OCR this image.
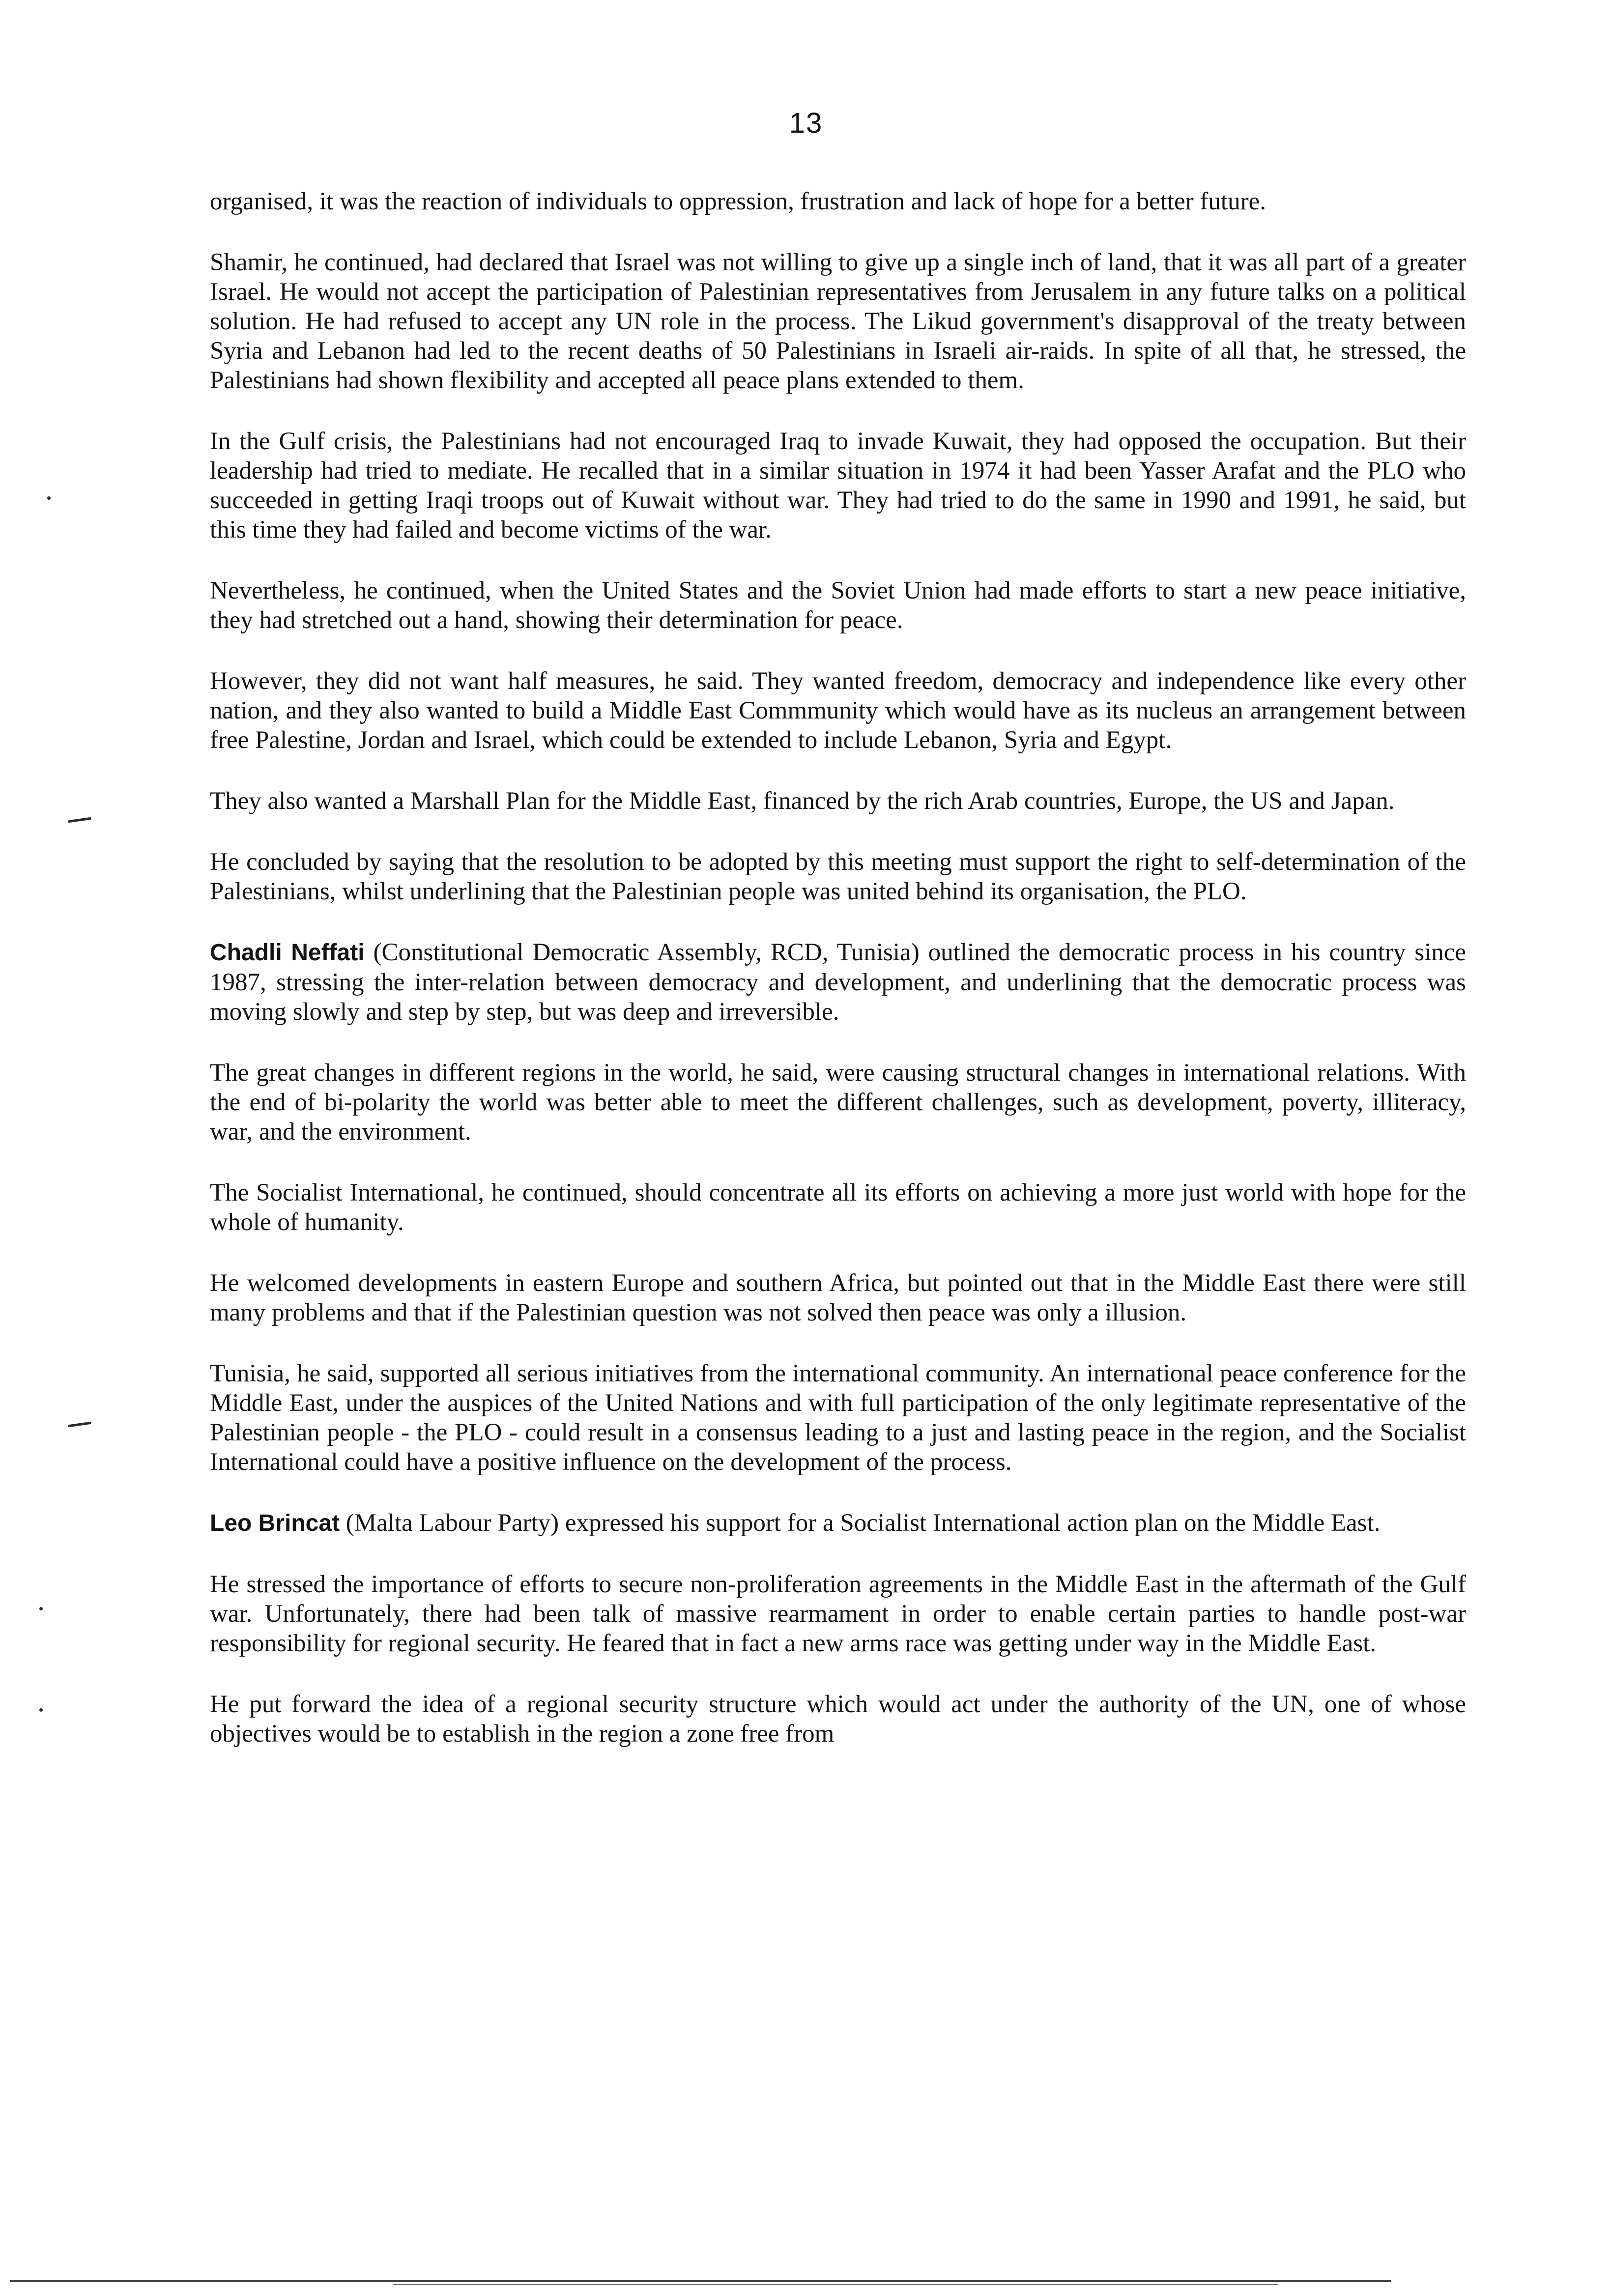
13

organised, it was the reaction of individuals to oppression, frustration and lack of hope for a better future.

Shamir, he continued, had declared that Israel was not willing to give up a single inch of land, that it was all part of a greater Israel. He would not accept the participation of Palestinian representatives from Jerusalem in any future talks on a political solution. He had refused to accept any UN role in the process. The Likud government's disapproval of the treaty between Syria and Lebanon had led to the recent deaths of 50 Palestinians in Israeli air-raids. In spite of all that, he stressed, the Palestinians had shown flexibility and accepted all peace plans extended to them.

In the Gulf crisis, the Palestinians had not encouraged Iraq to invade Kuwait, they had opposed the occupation. But their leadership had tried to mediate. He recalled that in a similar situation in 1974 it had been Yasser Arafat and the PLO who succeeded in getting Iraqi troops out of Kuwait without war. They had tried to do the same in 1990 and 1991, he said, but this time they had failed and become victims of the war.

Nevertheless, he continued, when the United States and the Soviet Union had made efforts to start a new peace initiative, they had stretched out a hand, showing their determination for peace.

However, they did not want half measures, he said. They wanted freedom, democracy and independence like every other nation, and they also wanted to build a Middle East Commmunity which would have as its nucleus an arrangement between free Palestine, Jordan and Israel, which could be extended to include Lebanon, Syria and Egypt.

They also wanted a Marshall Plan for the Middle East, financed by the rich Arab countries, Europe, the US and Japan.

He concluded by saying that the resolution to be adopted by this meeting must support the right to self-determination of the Palestinians, whilst underlining that the Palestinian people was united behind its organisation, the PLO.

Chadli Neffati (Constitutional Democratic Assembly, RCD, Tunisia) outlined the democratic process in his country since 1987, stressing the inter-relation between democracy and development, and underlining that the democratic process was moving slowly and step by step, but was deep and irreversible.

The great changes in different regions in the world, he said, were causing structural changes in international relations. With the end of bi-polarity the world was better able to meet the different challenges, such as development, poverty, illiteracy, war, and the environment.

The Socialist International, he continued, should concentrate all its efforts on achieving a more just world with hope for the whole of humanity.

He welcomed developments in eastern Europe and southern Africa, but pointed out that in the Middle East there were still many problems and that if the Palestinian question was not solved then peace was only a illusion.

Tunisia, he said, supported all serious initiatives from the international community. An international peace conference for the Middle East, under the auspices of the United Nations and with full participation of the only legitimate representative of the Palestinian people - the PLO - could result in a consensus leading to a just and lasting peace in the region, and the Socialist International could have a positive influence on the development of the process.

Leo Brincat (Malta Labour Party) expressed his support for a Socialist International action plan on the Middle East.

He stressed the importance of efforts to secure non-proliferation agreements in the Middle East in the aftermath of the Gulf war. Unfortunately, there had been talk of massive rearmament in order to enable certain parties to handle post-war responsibility for regional security. He feared that in fact a new arms race was getting under way in the Middle East.

He put forward the idea of a regional security structure which would act under the authority of the UN, one of whose objectives would be to establish in the region a zone free from
